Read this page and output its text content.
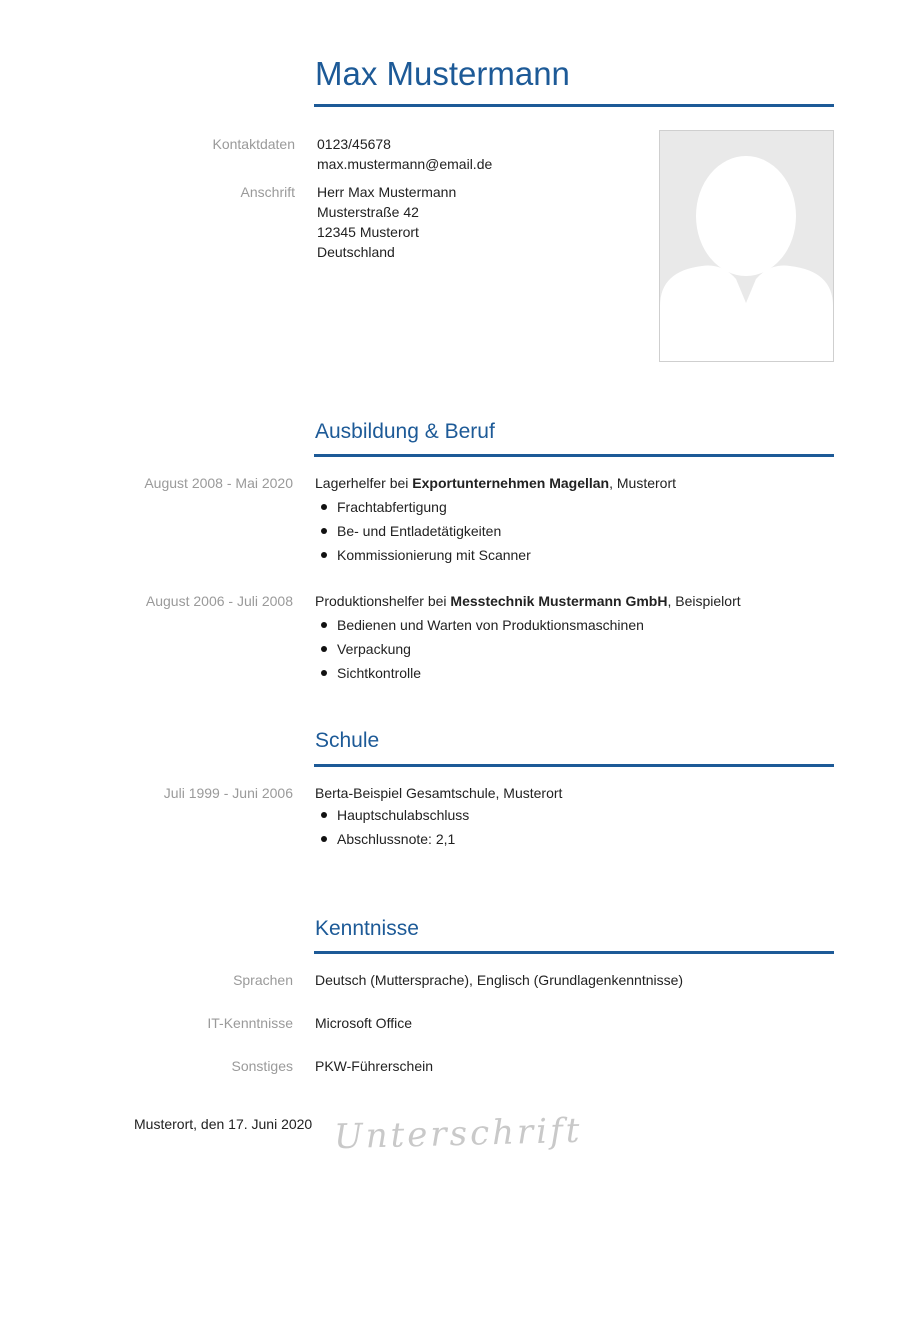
Max Mustermann
Kontaktdaten 0123/45678
max.mustermann@email.de
Anschrift Herr Max Mustermann
Musterstraße 42
12345 Musterort
Deutschland
Ausbildung & Beruf
August 2008 - Mai 2020 Lagerhelfer bei Exportunternehmen Magellan, Musterort
Frachtabfertigung
Be- und Entladetätigkeiten
Kommissionierung mit Scanner
August 2006 - Juli 2008 Produktionshelfer bei Messtechnik Mustermann GmbH, Beispielort
Bedienen und Warten von Produktionsmaschinen
Verpackung
Sichtkontrolle
Schule
Juli 1999 - Juni 2006 Berta-Beispiel Gesamtschule, Musterort
Hauptschulabschluss
Abschlussnote: 2,1
Kenntnisse
Sprachen Deutsch (Muttersprache), Englisch (Grundlagenkenntnisse)
IT-Kenntnisse Microsoft Office
Sonstiges PKW-Führerschein
Musterort, den 17. Juni 2020 Unterschrift
